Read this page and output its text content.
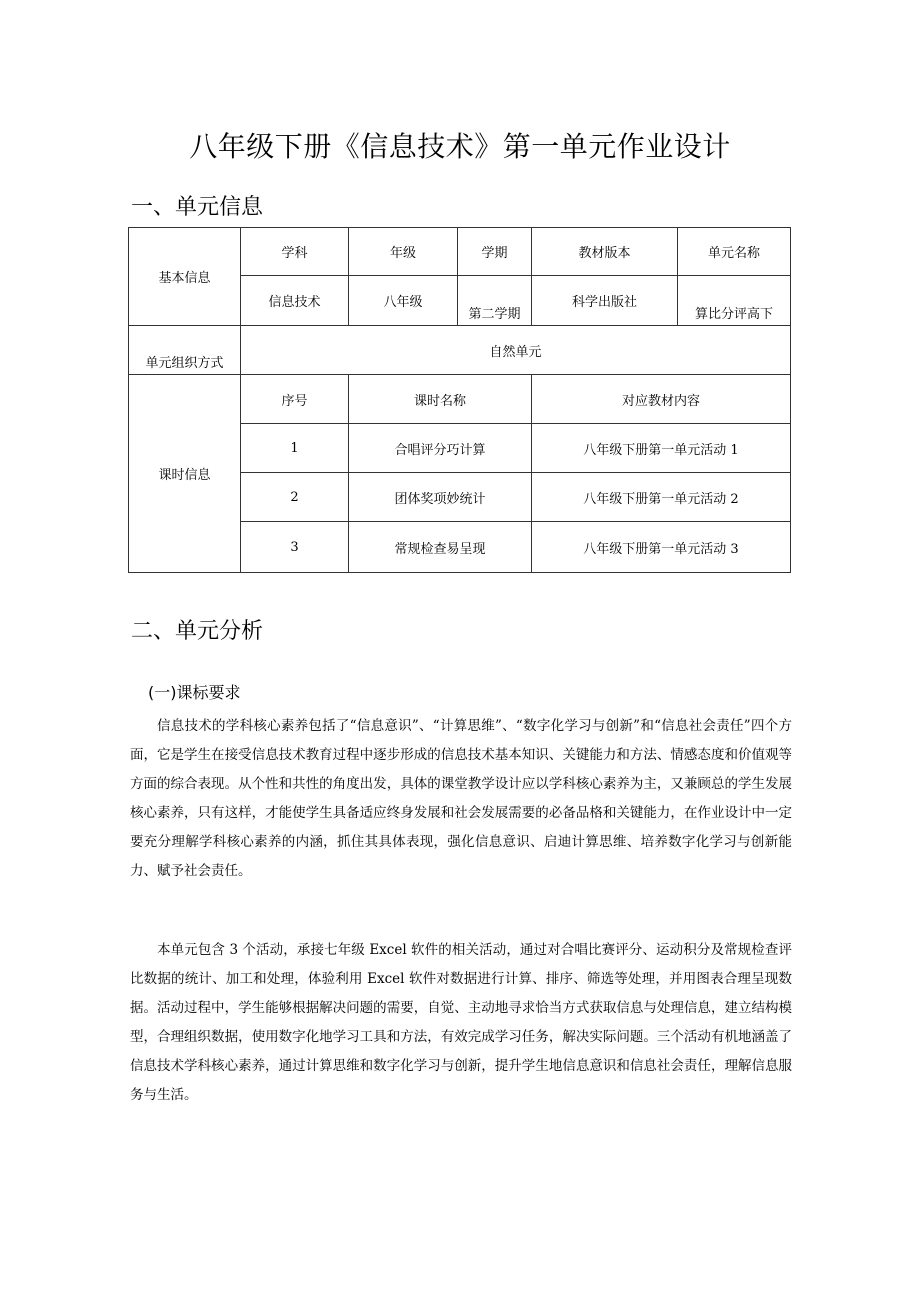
八年级下册《信息技术》第一单元作业设计
一、单元信息
基本信息	学科	年级	学期	教材版本	单元名称
	信息技术	八年级	第二学期	科学出版社	算比分评高下
单元组织方式	自然单元				
课时信息	序号	课时名称		对应教材内容	
	1	合唱评分巧计算		八年级下册第一单元活动 1	
	2	团体奖项妙统计		八年级下册第一单元活动 2	
	3	常规检查易呈现		八年级下册第一单元活动 3	
二、单元分析
(一)课标要求

信息技术的学科核心素养包括了“信息意识”、“计算思维”、“数字化学习与创新”和“信息社会责任”四个方面，它是学生在接受信息技术教育过程中逐步形成的信息技术基本知识、关键能力和方法、情感态度和价值观等方面的综合表现。从个性和共性的角度出发，具体的课堂教学设计应以学科核心素养为主，又兼顾总的学生发展核心素养，只有这样，才能使学生具备适应终身发展和社会发展需要的必备品格和关键能力，在作业设计中一定要充分理解学科核心素养的内涵，抓住其具体表现，强化信息意识、启迪计算思维、培养数字化学习与创新能力、赋予社会责任。

本单元包含 3 个活动，承接七年级 Excel 软件的相关活动，通过对合唱比赛评分、运动积分及常规检查评比数据的统计、加工和处理，体验利用 Excel 软件对数据进行计算、排序、筛选等处理，并用图表合理呈现数据。活动过程中，学生能够根据解决问题的需要，自觉、主动地寻求恰当方式获取信息与处理信息，建立结构模型，合理组织数据，使用数字化地学习工具和方法，有效完成学习任务，解决实际问题。三个活动有机地涵盖了信息技术学科核心素养，通过计算思维和数字化学习与创新，提升学生地信息意识和信息社会责任，理解信息服务与生活。
